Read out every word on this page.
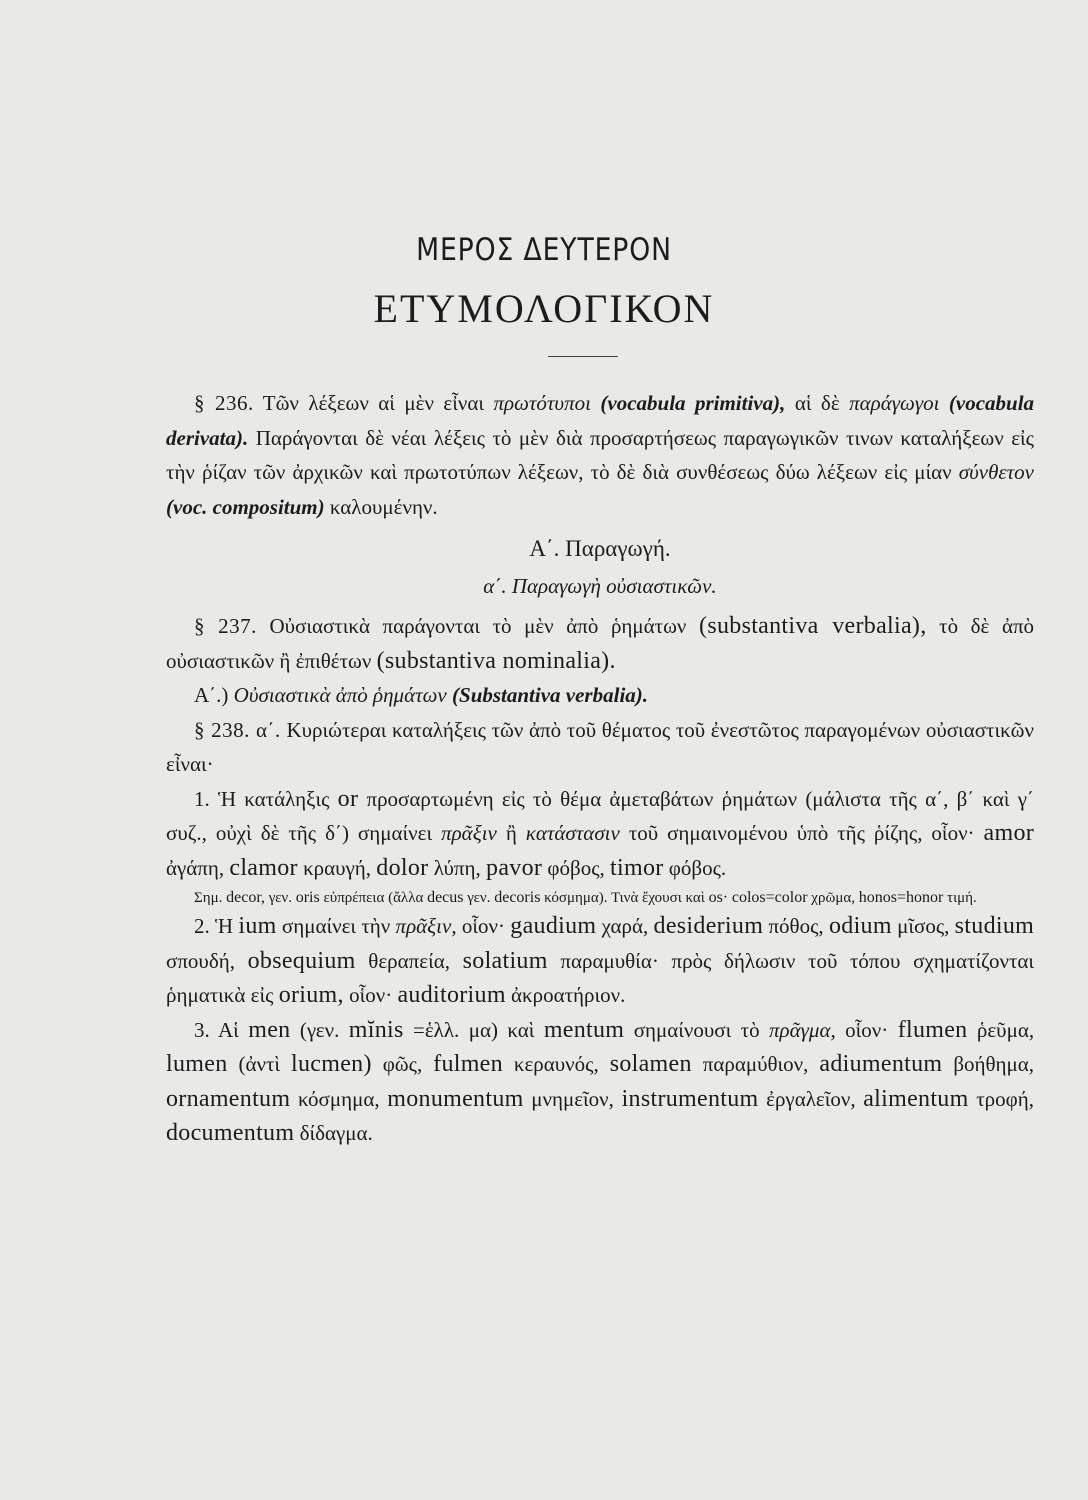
ΜΕΡΟΣ ΔΕΥΤΕΡΟΝ
ΕΤΥΜΟΛΟΓΙΚΟΝ

§ 236. Τῶν λέξεων αἱ μὲν εἶναι πρωτότυποι (vocabula primitiva), αἱ δὲ παράγωγοι (vocabula derivata). Παράγονται δὲ νέαι λέξεις τὸ μὲν διὰ προσαρτήσεως παραγωγικῶν τινων καταλήξεων εἰς τὴν ῥίζαν τῶν ἀρχικῶν καὶ πρωτοτύπων λέξεων, τὸ δὲ διὰ συνθέσεως δύω λέξεων εἰς μίαν σύνθετον (voc. compositum) καλουμένην.

Α΄. Παραγωγή.

α΄. Παραγωγὴ οὐσιαστικῶν.

§ 237. Οὐσιαστικὰ παράγονται τὸ μὲν ἀπὸ ῥημάτων (substantiva verbalia), τὸ δὲ ἀπὸ οὐσιαστικῶν ἢ ἐπιθέτων (substantiva nominalia).

Α΄.) Οὐσιαστικὰ ἀπὸ ῥημάτων (Substantiva verbalia).

§ 238. α΄. Κυριώτεραι καταλήξεις τῶν ἀπὸ τοῦ θέματος τοῦ ἐνεστῶτος παραγομένων οὐσιαστικῶν εἶναι·

1. Ἡ κατάληξις or προσαρτωμένη εἰς τὸ θέμα ἀμεταβάτων ῥημάτων (μάλιστα τῆς α΄, β΄ καὶ γ΄ συζ., οὐχὶ δὲ τῆς δ΄) σημαίνει πρᾶξιν ἢ κατάστασιν τοῦ σημαινομένου ὑπὸ τῆς ῥίζης, οἷον· amor ἀγάπη, clamor κραυγή, dolor λύπη, pavor φόβος, timor φόβος.

Σημ. decor, γεν. oris εὐπρέπεια (ἄλλα decus γεν. decoris κόσμημα). Τινὰ ἔχουσι καὶ os· colos=color χρῶμα, honos=honor τιμή.

2. Ἡ ium σημαίνει τὴν πρᾶξιν, οἷον· gaudium χαρά, desiderium πόθος, odium μῖσος, studium σπουδή, obsequium θεραπεία, solatium παραμυθία· πρὸς δήλωσιν τοῦ τόπου σχηματίζονται ῥηματικὰ εἰς orium, οἷον· auditorium ἀκροατήριον.

3. Αἱ men (γεν. mĭnis =ἑλλ. μα) καὶ mentum σημαίνουσι τὸ πρᾶγμα, οἷον· flumen ῥεῦμα, lumen (ἀντὶ lucmen) φῶς, fulmen κεραυνός, solamen παραμύθιον, adiumentum βοήθημα, ornamentum κόσμημα, monumentum μνημεῖον, instrumentum ἐργαλεῖον, alimentum τροφή, documentum δίδαγμα.
